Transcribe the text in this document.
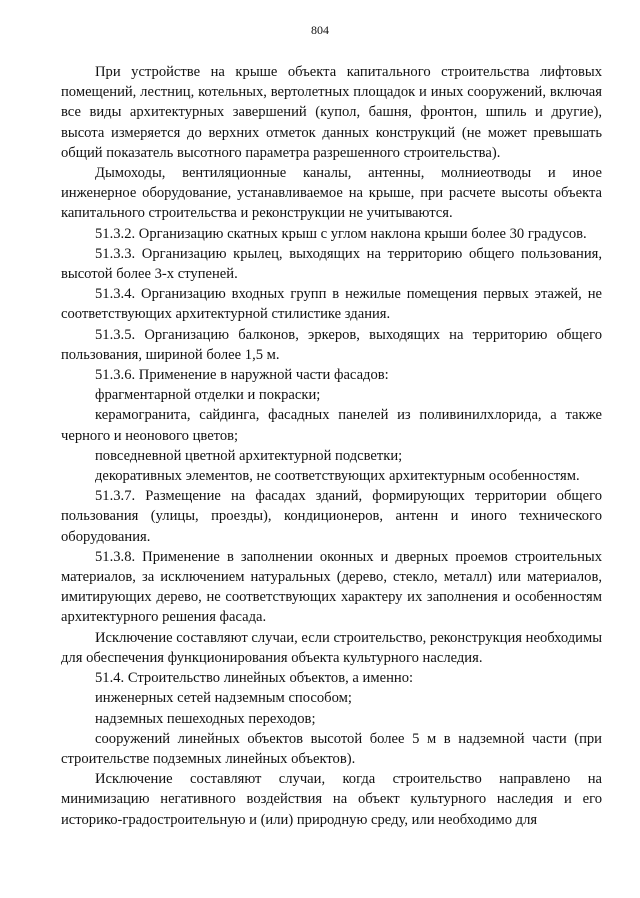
804

При устройстве на крыше объекта капитального строительства лифтовых помещений, лестниц, котельных, вертолетных площадок и иных сооружений, включая все виды архитектурных завершений (купол, башня, фронтон, шпиль и другие), высота измеряется до верхних отметок данных конструкций (не может превышать общий показатель высотного параметра разрешенного строительства).

Дымоходы, вентиляционные каналы, антенны, молниеотводы и иное инженерное оборудование, устанавливаемое на крыше, при расчете высоты объекта капитального строительства и реконструкции не учитываются.

51.3.2. Организацию скатных крыш с углом наклона крыши более 30 градусов.

51.3.3. Организацию крылец, выходящих на территорию общего пользования, высотой более 3-х ступеней.

51.3.4. Организацию входных групп в нежилые помещения первых этажей, не соответствующих архитектурной стилистике здания.

51.3.5. Организацию балконов, эркеров, выходящих на территорию общего пользования, шириной более 1,5 м.

51.3.6. Применение в наружной части фасадов:

фрагментарной отделки и покраски;

керамогранита, сайдинга, фасадных панелей из поливинилхлорида, а также черного и неонового цветов;

повседневной цветной архитектурной подсветки;

декоративных элементов, не соответствующих архитектурным особенностям.

51.3.7. Размещение на фасадах зданий, формирующих территории общего пользования (улицы, проезды), кондиционеров, антенн и иного технического оборудования.

51.3.8. Применение в заполнении оконных и дверных проемов строительных материалов, за исключением натуральных (дерево, стекло, металл) или материалов, имитирующих дерево, не соответствующих характеру их заполнения и особенностям архитектурного решения фасада.

Исключение составляют случаи, если строительство, реконструкция необходимы для обеспечения функционирования объекта культурного наследия.

51.4. Строительство линейных объектов, а именно:

инженерных сетей надземным способом;

надземных пешеходных переходов;

сооружений линейных объектов высотой более 5 м в надземной части (при строительстве подземных линейных объектов).

Исключение составляют случаи, когда строительство направлено на минимизацию негативного воздействия на объект культурного наследия и его историко-градостроительную и (или) природную среду, или необходимо для
